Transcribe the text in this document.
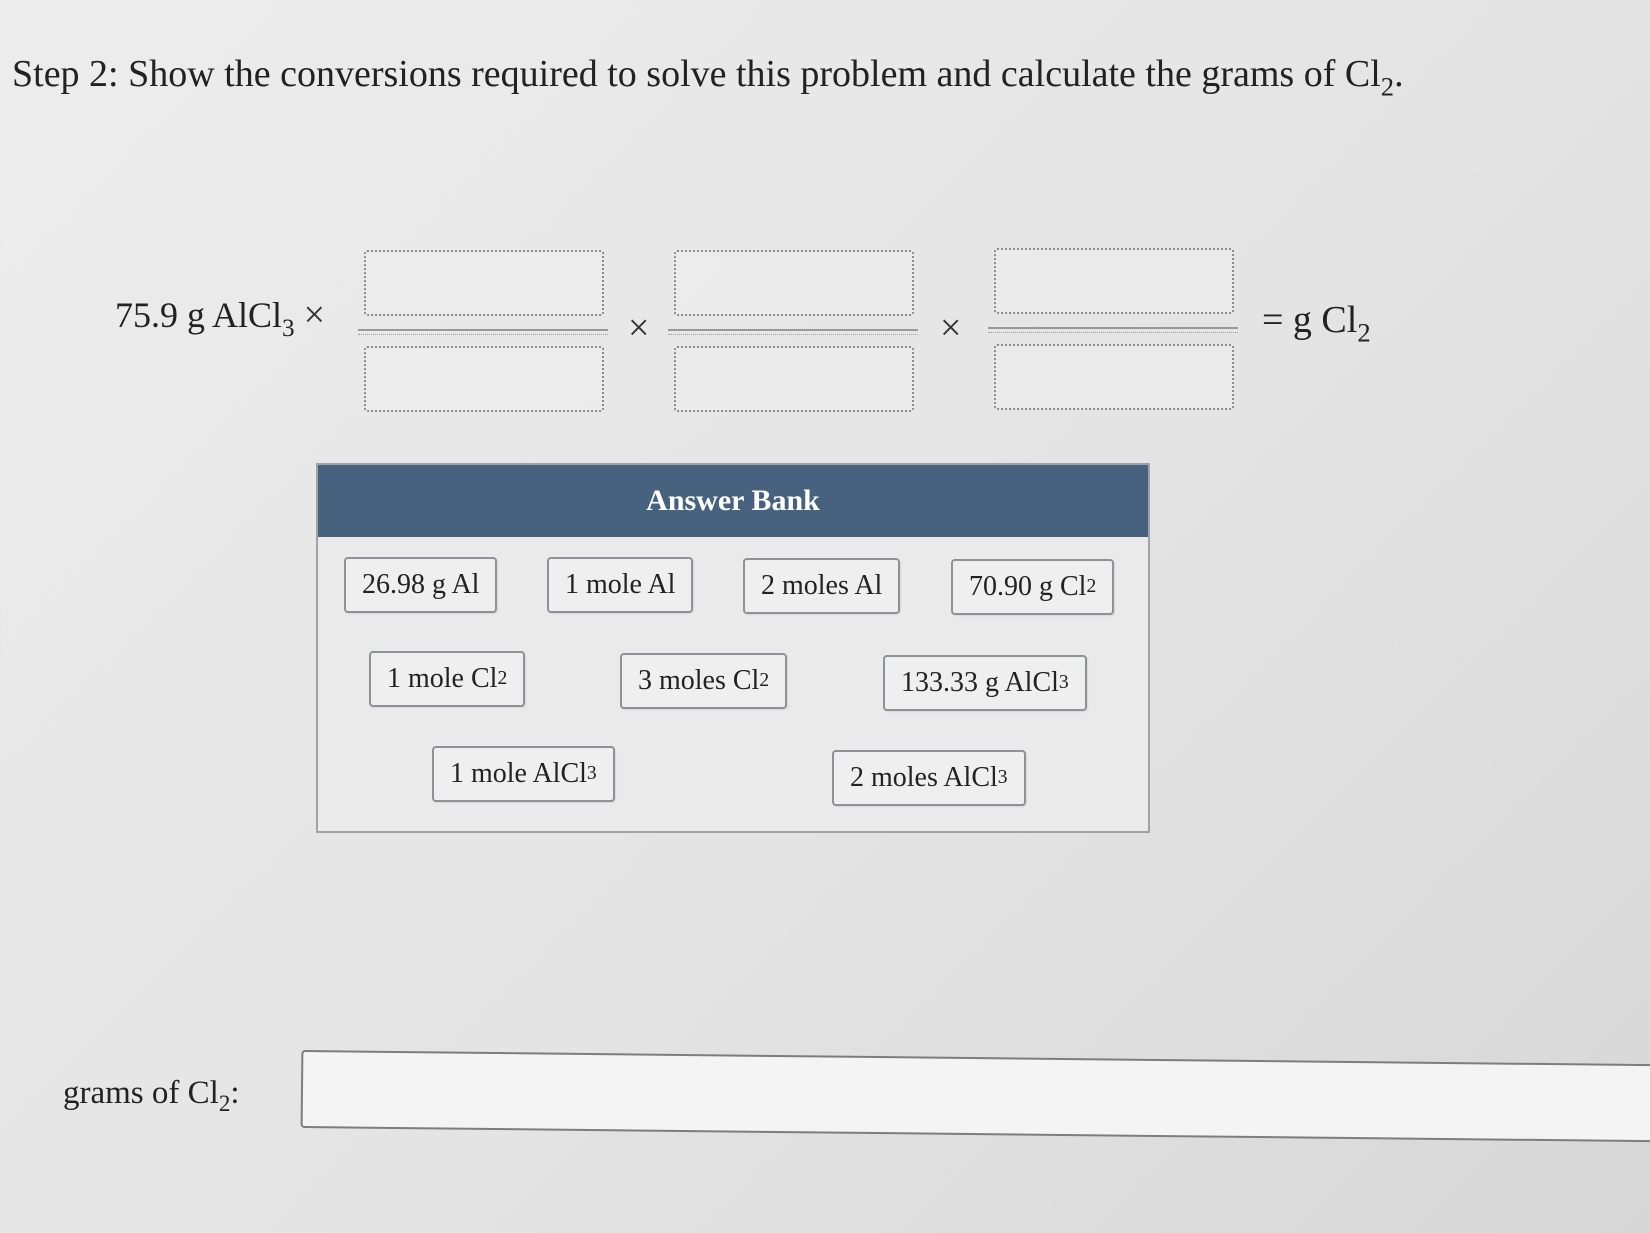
Step 2: Show the conversions required to solve this problem and calculate the grams of $Cl_2$.
75.9 g AlCl$_3$ ×	×	×	= g $Cl_2$
Answer Bank
26.98 g Al	1 mole Al	2 moles Al	70.90 g Cl 2
1 mole Cl 2	3 moles Cl 2	133.33 g AlCl 3
1 mole AlCl 3	2 moles AlCl 3
grams of $Cl_2$:
